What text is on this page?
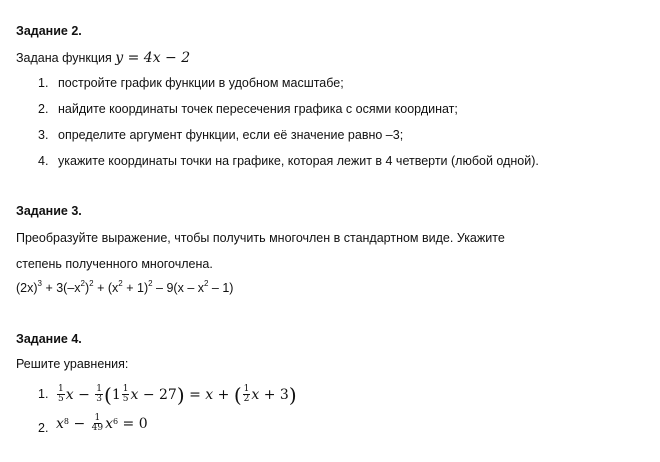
Задание 2.
Задана функция y = 4x − 2
1. постройте график функции в удобном масштабе;
2. найдите координаты точек пересечения графика с осями координат;
3. определите аргумент функции, если её значение равно –3;
4. укажите координаты точки на графике, которая лежит в 4 четверти (любой одной).
Задание 3.
Преобразуйте выражение, чтобы получить многочлен в стандартном виде. Укажите
степень полученного многочлена.
$(2x)^3 + 3(-x^2)^2 + (x^2 + 1)^2 - 9(x - x^2 - 1)$
Задание 4.
Решите уравнения:
1. $\frac{1}{5}$ $x - \frac{1}{3}$ ( $1 \frac{1}{5}$ x − 27 ) = x + ( $\frac{1}{2}$ x + 3 )
2. $x^8 - \frac{1}{49} x^6 = 0$
